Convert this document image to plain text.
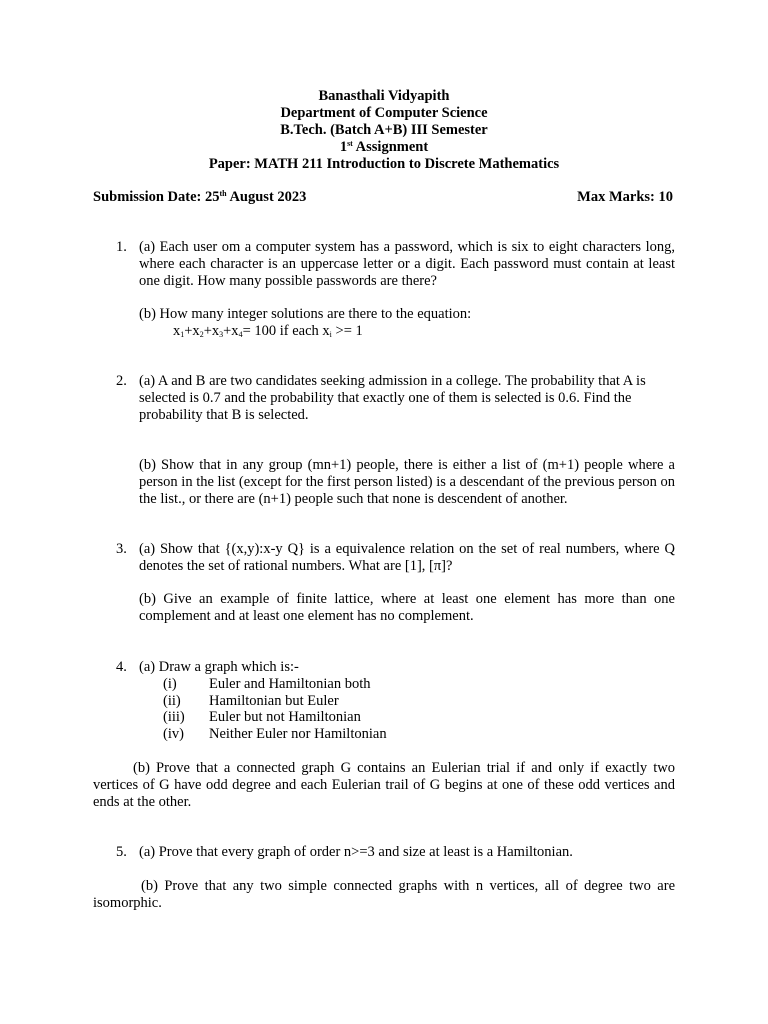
Banasthali Vidyapith
Department of Computer Science
B.Tech. (Batch A+B) III Semester
1st Assignment
Paper: MATH 211 Introduction to Discrete Mathematics
Submission Date: 25th August 2023	Max Marks: 10
1. (a) Each user om a computer system has a password, which is six to eight characters long, where each character is an uppercase letter or a digit. Each password must contain at least one digit. How many possible passwords are there?
(b) How many integer solutions are there to the equation:
$x_1+x_2+x_3+x_4= 100$ if each $x_i >= 1$
2. (a) A and B are two candidates seeking admission in a college. The probability that A is selected is 0.7 and the probability that exactly one of them is selected is 0.6. Find the probability that B is selected.
(b) Show that in any group (mn+1) people, there is either a list of (m+1) people where a person in the list (except for the first person listed) is a descendant of the previous person on the list., or there are (n+1) people such that none is descendent of another.
3. (a) Show that {(x,y):x-y Q} is a equivalence relation on the set of real numbers, where Q denotes the set of rational numbers. What are [1], [π]?
(b) Give an example of finite lattice, where at least one element has more than one complement and at least one element has no complement.
4. (a) Draw a graph which is:-
(i) Euler and Hamiltonian both
(ii) Hamiltonian but Euler
(iii) Euler but not Hamiltonian
(iv) Neither Euler nor Hamiltonian
(b) Prove that a connected graph G contains an Eulerian trial if and only if exactly two vertices of G have odd degree and each Eulerian trail of G begins at one of these odd vertices and ends at the other.
5. (a) Prove that every graph of order n>=3 and size at least is a Hamiltonian.
(b) Prove that any two simple connected graphs with n vertices, all of degree two are isomorphic.
